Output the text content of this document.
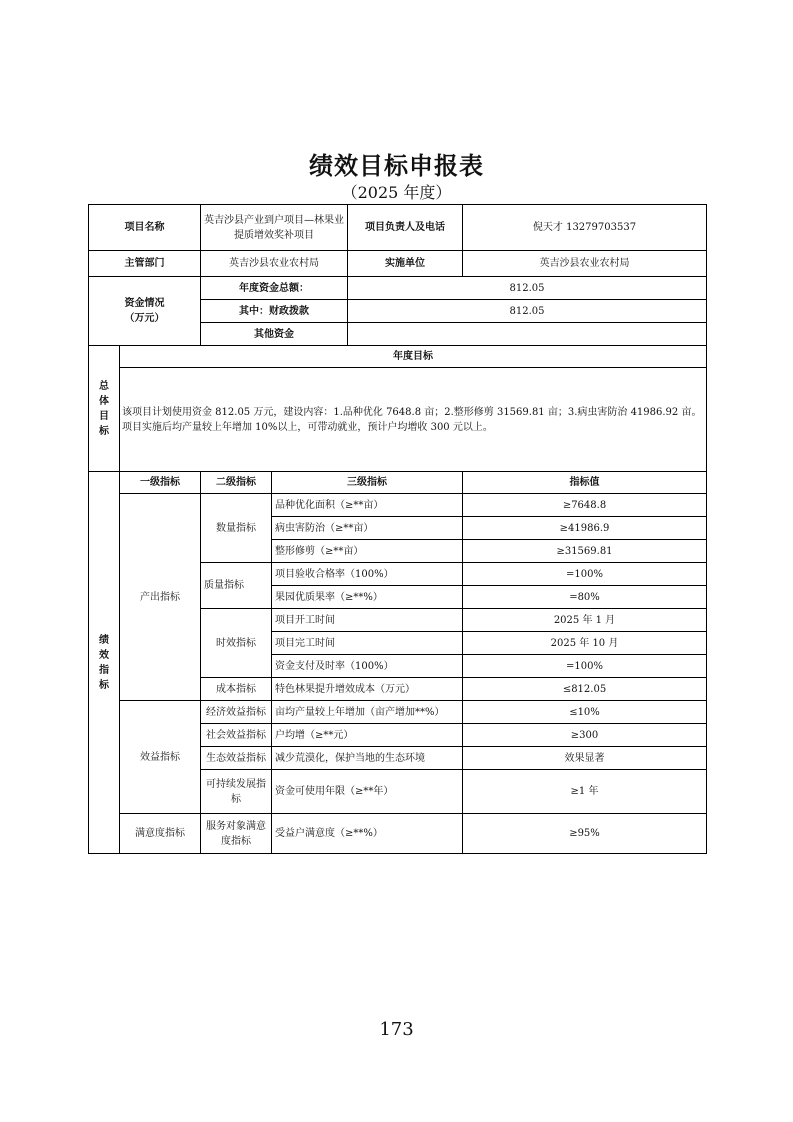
绩效目标申报表
（2025 年度）
项目名称		英吉沙县产业到户项目—林果业提质增效奖补项目		项目负责人及电话	倪天才 13279703537
主管部门		英吉沙县农业农村局		实施单位	英吉沙县农业农村局

资金情况
（万元）		年度资金总额：		812.05	
		其中：财政拨款		812.05	
		其他资金			

总
体
目
标	年度目标				
	该项目计划使用资金 812.05 万元，建设内容：1.品种优化 7648.8 亩；2.整形修剪 31569.81 亩；3.病虫害防治 41986.92 亩。项目实施后均产量较上年增加 10%以上，可带动就业，预计户均增收 300 元以上。				

绩
效
指
标	一级指标	二级指标	三级指标		指标值
	产出指标	数量指标	品种优化面积（≥**亩）		≥7648.8
			病虫害防治（≥**亩）		≥41986.9
			整形修剪（≥**亩）		≥31569.81
		质量指标	项目验收合格率（100%）		=100%
			果园优质果率（≥**%）		=80%
		时效指标	项目开工时间		2025 年 1 月
			项目完工时间		2025 年 10 月
			资金支付及时率（100%）		=100%
		成本指标	特色林果提升增效成本（万元）		≤812.05
	效益指标	经济效益指标	亩均产量较上年增加（亩产增加**%）		≤10%
		社会效益指标	户均增（≥**元）		≥300
		生态效益指标	减少荒漠化，保护当地的生态环境		效果显著
		可持续发展指标	资金可使用年限（≥**年）		≥1 年
	满意度指标	服务对象满意度指标	受益户满意度（≥**%）		≥95%
173
